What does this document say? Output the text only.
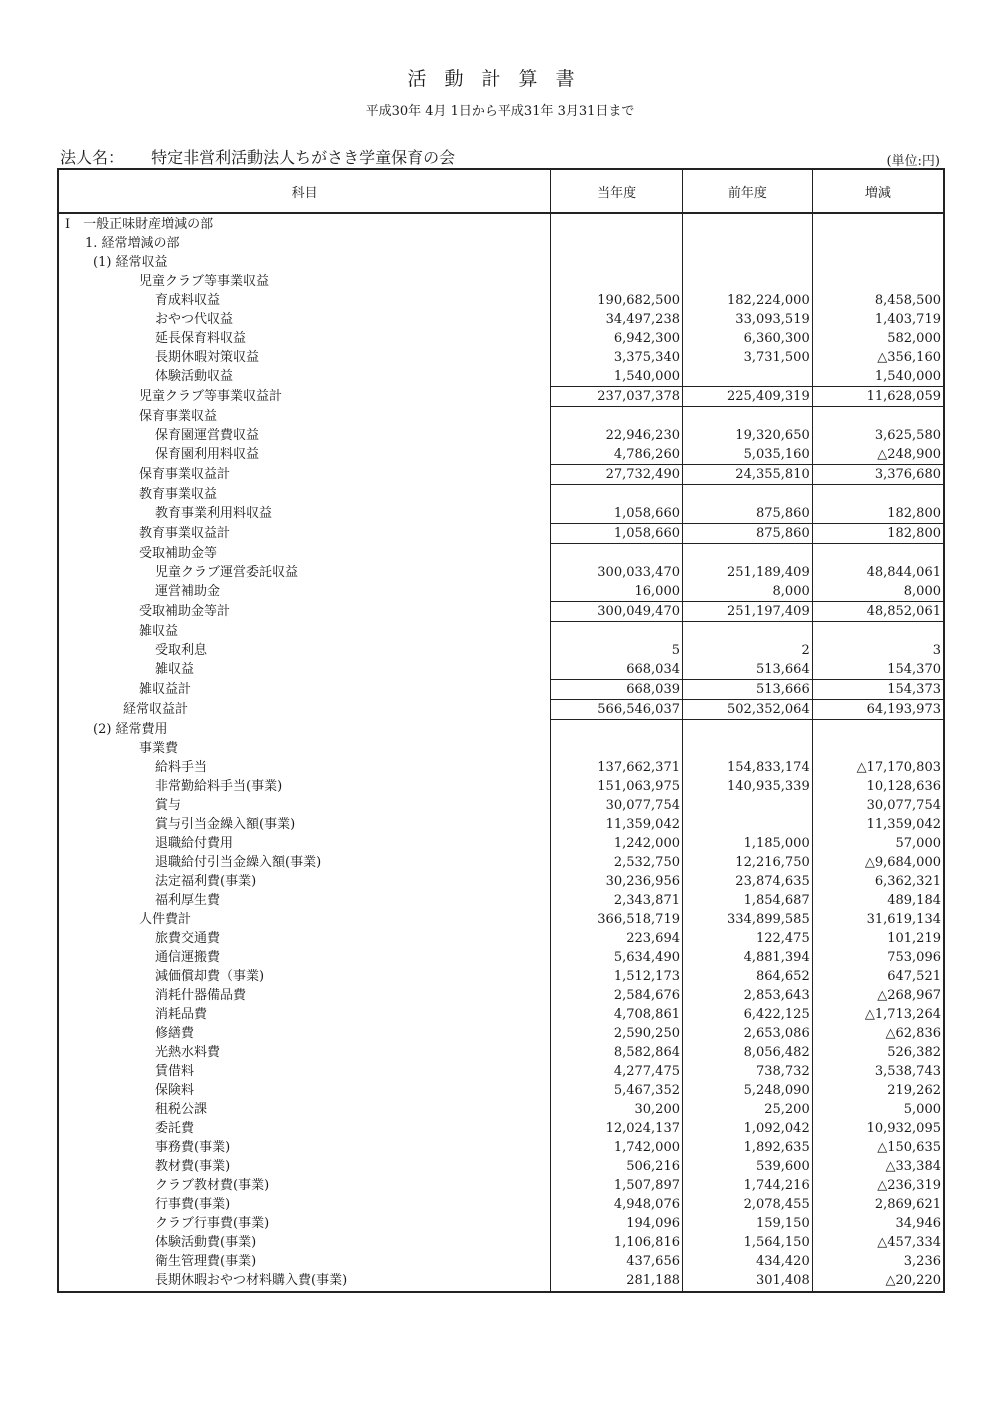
活動計算書
平成30年 4月 1日から平成31年 3月31日まで
法人名： 特定非営利活動法人ちがさき学童保育の会	(単位:円)
科目	当年度	前年度	増減
I　一般正味財産増減の部			
1. 経常増減の部			
(1) 経常収益			
児童クラブ等事業収益			
育成料収益	190,682,500	182,224,000	8,458,500
おやつ代収益	34,497,238	33,093,519	1,403,719
延長保育料収益	6,942,300	6,360,300	582,000
長期休暇対策収益	3,375,340	3,731,500	△356,160
体験活動収益	1,540,000		1,540,000
児童クラブ等事業収益計	237,037,378	225,409,319	11,628,059
保育事業収益			
保育園運営費収益	22,946,230	19,320,650	3,625,580
保育園利用料収益	4,786,260	5,035,160	△248,900
保育事業収益計	27,732,490	24,355,810	3,376,680
教育事業収益			
教育事業利用料収益	1,058,660	875,860	182,800
教育事業収益計	1,058,660	875,860	182,800
受取補助金等			
児童クラブ運営委託収益	300,033,470	251,189,409	48,844,061
運営補助金	16,000	8,000	8,000
受取補助金等計	300,049,470	251,197,409	48,852,061
雑収益			
受取利息	5	2	3
雑収益	668,034	513,664	154,370
雑収益計	668,039	513,666	154,373
経常収益計	566,546,037	502,352,064	64,193,973
(2) 経常費用			
事業費			
給料手当	137,662,371	154,833,174	△17,170,803
非常勤給料手当(事業)	151,063,975	140,935,339	10,128,636
賞与	30,077,754		30,077,754
賞与引当金繰入額(事業)	11,359,042		11,359,042
退職給付費用	1,242,000	1,185,000	57,000
退職給付引当金繰入額(事業)	2,532,750	12,216,750	△9,684,000
法定福利費(事業)	30,236,956	23,874,635	6,362,321
福利厚生費	2,343,871	1,854,687	489,184
人件費計	366,518,719	334,899,585	31,619,134
旅費交通費	223,694	122,475	101,219
通信運搬費	5,634,490	4,881,394	753,096
減価償却費（事業)	1,512,173	864,652	647,521
消耗什器備品費	2,584,676	2,853,643	△268,967
消耗品費	4,708,861	6,422,125	△1,713,264
修繕費	2,590,250	2,653,086	△62,836
光熱水料費	8,582,864	8,056,482	526,382
賃借料	4,277,475	738,732	3,538,743
保険料	5,467,352	5,248,090	219,262
租税公課	30,200	25,200	5,000
委託費	12,024,137	1,092,042	10,932,095
事務費(事業)	1,742,000	1,892,635	△150,635
教材費(事業)	506,216	539,600	△33,384
クラブ教材費(事業)	1,507,897	1,744,216	△236,319
行事費(事業)	4,948,076	2,078,455	2,869,621
クラブ行事費(事業)	194,096	159,150	34,946
体験活動費(事業)	1,106,816	1,564,150	△457,334
衛生管理費(事業)	437,656	434,420	3,236
長期休暇おやつ材料購入費(事業)	281,188	301,408	△20,220
